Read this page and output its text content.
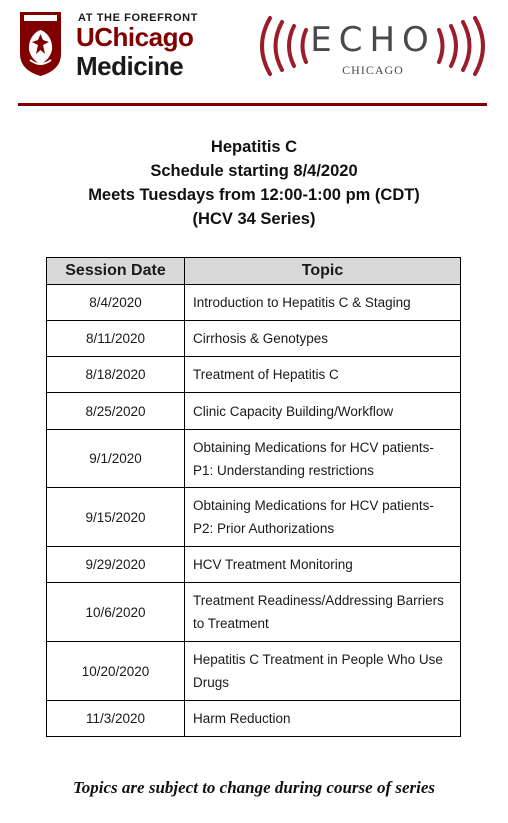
AT THE FOREFRONT
UChicago
Medicine
ECHO
CHICAGO
Hepatitis C
Schedule starting 8/4/2020
Meets Tuesdays from 12:00-1:00 pm (CDT)
(HCV 34 Series)
Session Date	Topic
8/4/2020	Introduction to Hepatitis C & Staging
8/11/2020	Cirrhosis & Genotypes
8/18/2020	Treatment of Hepatitis C
8/25/2020	Clinic Capacity Building/Workflow
9/1/2020	Obtaining Medications for HCV patients-P1: Understanding restrictions
9/15/2020	Obtaining Medications for HCV patients-P2: Prior Authorizations
9/29/2020	HCV Treatment Monitoring
10/6/2020	Treatment Readiness/Addressing Barriers to Treatment
10/20/2020	Hepatitis C Treatment in People Who Use Drugs
11/3/2020	Harm Reduction
Topics are subject to change during course of series
